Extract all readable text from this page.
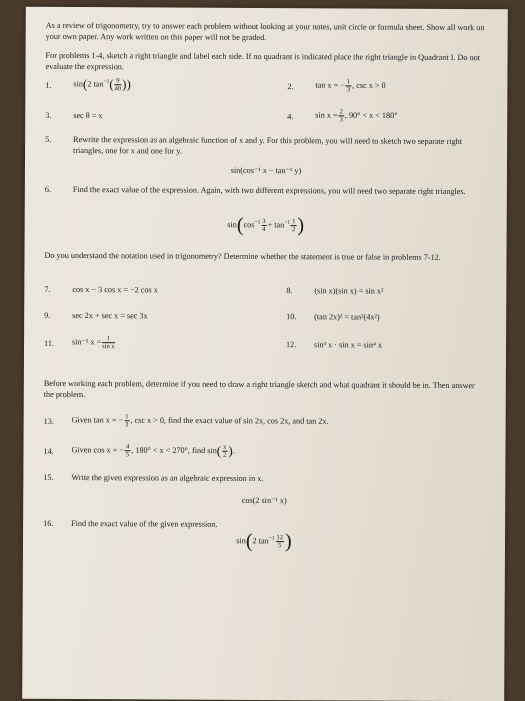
As a review of trigonometry, try to answer each problem without looking at your notes, unit circle or formula sheet. Show all work on your own paper. Any work written on this paper will not be graded.
For problems 1-4, sketch a right triangle and label each side. If no quadrant is indicated place the right triangle in Quadrant I. Do not evaluate the expression.
1.	sin(2 $\tan^{-1}( \frac{9}{40}$ ))	2.	tan x = − $\frac{1}{3}$ , csc x > 0
3.	sec θ = x	4.	$\sin x = \frac{2}{3}$ , 90° < x < 180°
5.	Rewrite the expression as an algebraic function of x and y. For this problem, you will need to sketch two separate right triangles, one for x and one for y.
sin(cos⁻¹ x − tan⁻¹ y)
6.	Find the exact value of the expression. Again, with two different expressions, you will need two separate right triangles.
$\sin(\cos^{-1} \frac{3}{4} + \tan^{-1} \frac{1}{2}$ )
Do you understand the notation used in trigonometry? Determine whether the statement is true or false in problems 7-12.
7.	cos x − 3 cos x = −2 cos x	8.	(sin x)(sin x) = sin x²
9.	sec 2x + sec x = sec 3x	10. (tan 2x)² = tan²(4x²)
11. sin⁻¹ $x = \frac{1}{\text{sin x}}$	12. sin³ x · sin x = sin⁴ x
Before working each problem, determine if you need to draw a right triangle sketch and what quadrant it should be in. Then answer the problem.
13. Given tan x = − $\frac{1}{3}$ , csc x > 0, find the exact value of sin 2x, cos 2x, and tan 2x.
14. Given cos x = − $\frac{4}{5}$ , 180° < x < 270°, find $\sin( \frac{x}{2}$ ).
15. Write the given expression as an algebraic expression in x.
cos(2 sin⁻¹ x)
16. Find the exact value of the given expression.
sin(2 $\tan^{-1} \frac{12}{5}$ )
